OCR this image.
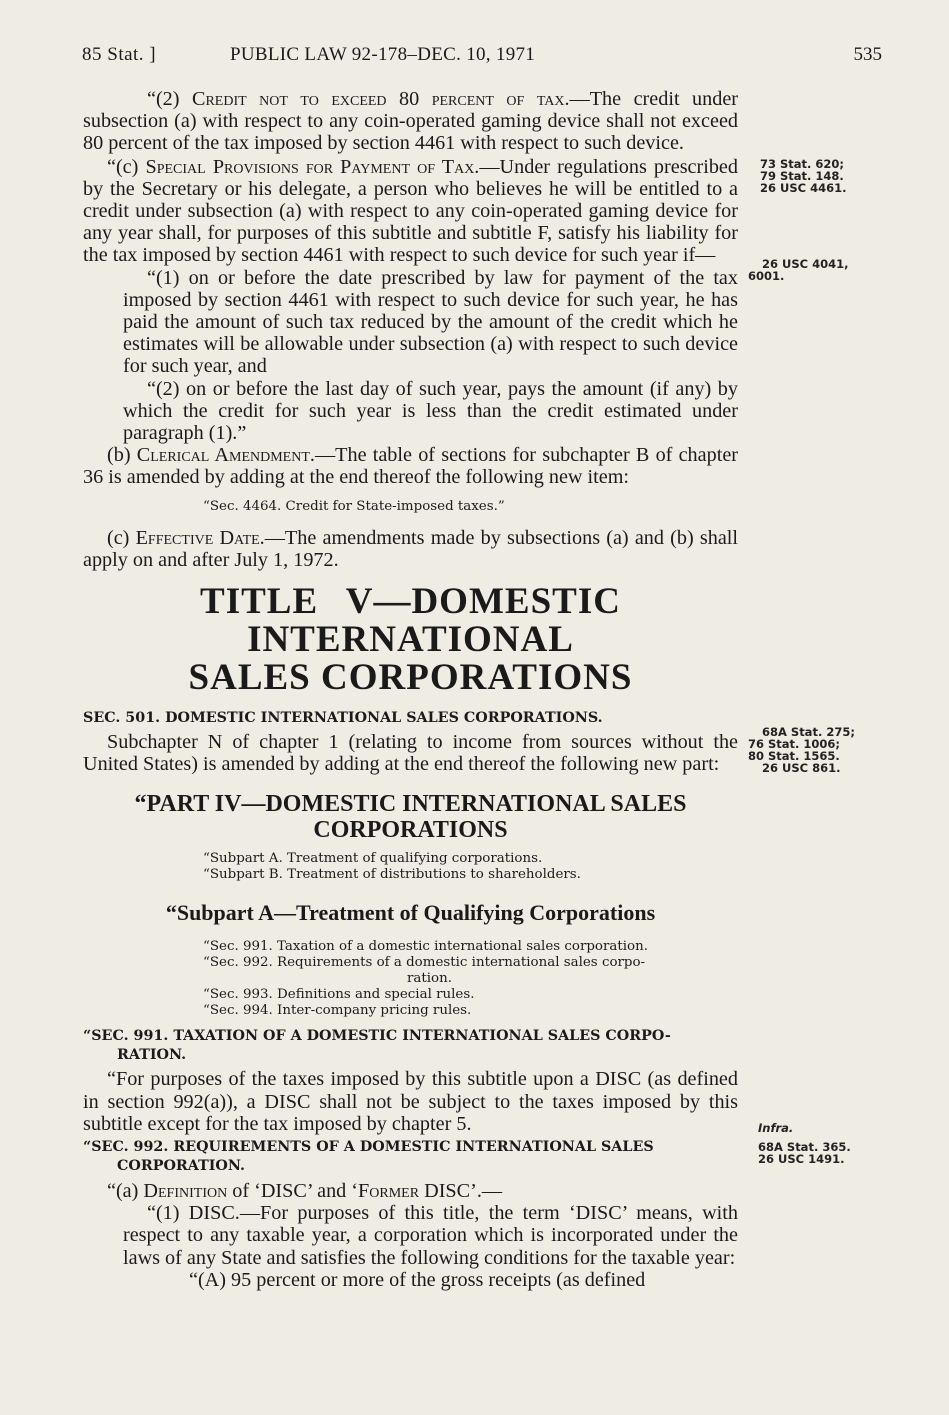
85 Stat. ]	PUBLIC LAW 92-178–DEC. 10, 1971	535

“(2) Credit not to exceed 80 percent of tax.—The credit under subsection (a) with respect to any coin-operated gaming device shall not exceed 80 percent of the tax imposed by section 4461 with respect to such device.

“(c) Special Provisions for Payment of Tax.—Under regulations prescribed by the Secretary or his delegate, a person who believes he will be entitled to a credit under subsection (a) with respect to any coin-operated gaming device for any year shall, for purposes of this subtitle and subtitle F, satisfy his liability for the tax imposed by section 4461 with respect to such device for such year if—

“(1) on or before the date prescribed by law for payment of the tax imposed by section 4461 with respect to such device for such year, he has paid the amount of such tax reduced by the amount of the credit which he estimates will be allowable under subsection (a) with respect to such device for such year, and

“(2) on or before the last day of such year, pays the amount (if any) by which the credit for such year is less than the credit estimated under paragraph (1).”

(b) Clerical Amendment.—The table of sections for subchapter B of chapter 36 is amended by adding at the end thereof the following new item:

“Sec. 4464. Credit for State-imposed taxes.”

(c) Effective Date.—The amendments made by subsections (a) and (b) shall apply on and after July 1, 1972.

TITLE V—DOMESTIC INTERNATIONAL

SALES CORPORATIONS

SEC. 501. DOMESTIC INTERNATIONAL SALES CORPORATIONS.

Subchapter N of chapter 1 (relating to income from sources without the United States) is amended by adding at the end thereof the following new part:

“PART IV—DOMESTIC INTERNATIONAL SALES

CORPORATIONS

“Subpart A. Treatment of qualifying corporations.
“Subpart B. Treatment of distributions to shareholders.

“Subpart A—Treatment of Qualifying Corporations

“Sec. 991. Taxation of a domestic international sales corporation.
“Sec. 992. Requirements of a domestic international sales corpo-
ration.
“Sec. 993. Definitions and special rules.
“Sec. 994. Inter-company pricing rules.

“SEC. 991. TAXATION OF A DOMESTIC INTERNATIONAL SALES CORPO-RATION.

“For purposes of the taxes imposed by this subtitle upon a DISC (as defined in section 992(a)), a DISC shall not be subject to the taxes imposed by this subtitle except for the tax imposed by chapter 5.

“SEC. 992. REQUIREMENTS OF A DOMESTIC INTERNATIONAL SALES CORPORATION.

“(a) Definition of ‘DISC’ and ‘Former DISC’.—

“(1) DISC.—For purposes of this title, the term ‘DISC’ means, with respect to any taxable year, a corporation which is incorporated under the laws of any State and satisfies the following conditions for the taxable year:

“(A) 95 percent or more of the gross receipts (as defined

73 Stat. 620;
79 Stat. 148.
26 USC 4461.
26 USC 4041,
6001.
68A Stat. 275;
76 Stat. 1006;
80 Stat. 1565.
26 USC 861.
Infra.
68A Stat. 365.
26 USC 1491.
